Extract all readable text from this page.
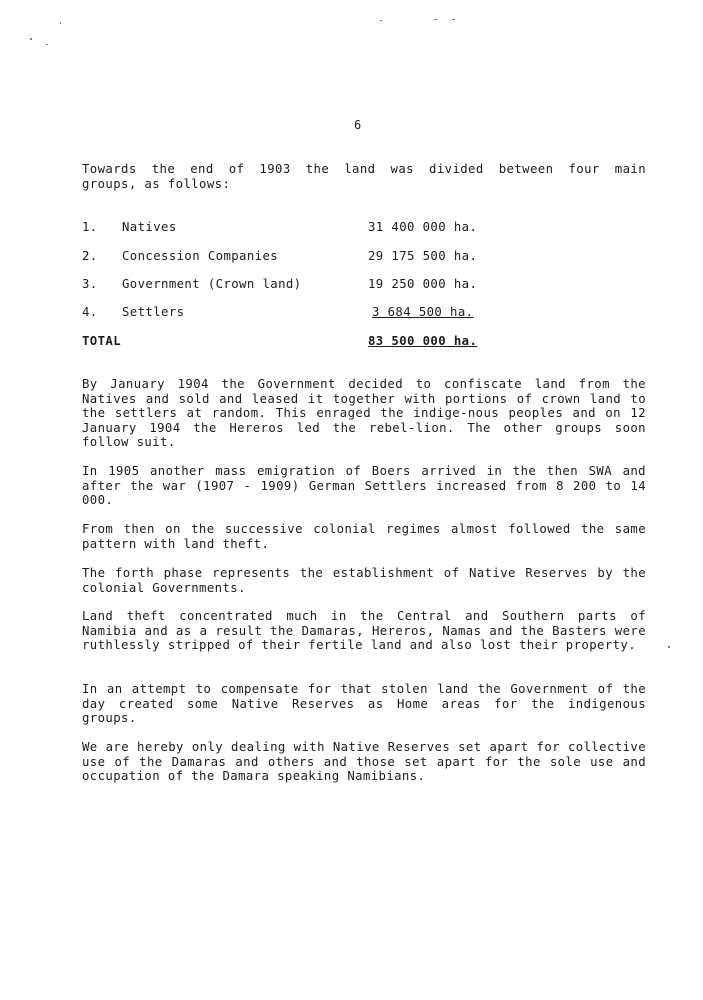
6
Towards the end of 1903 the land was divided between four main
groups, as follows:
1. Natives	31 400 000 ha.
2. Concession Companies	29 175 500 ha.
3. Government (Crown land)	19 250 000 ha.
4. Settlers	3 684 500 ha.
TOTAL	83 500 000 ha.
By January 1904 the Government decided to confiscate land from the Natives and sold and leased it together with portions of crown land to the settlers at random. This enraged the indige-nous peoples and on 12 January 1904 the Hereros led the rebel-lion. The other groups soon follow suit.
In 1905 another mass emigration of Boers arrived in the then SWA and after the war (1907 - 1909) German Settlers increased from 8 200 to 14 000.
From then on the successive colonial regimes almost followed the same pattern with land theft.
The forth phase represents the establishment of Native Reserves by the colonial Governments.
Land theft concentrated much in the Central and Southern parts of Namibia and as a result the Damaras, Hereros, Namas and the Basters were ruthlessly stripped of their fertile land and also lost their property.
In an attempt to compensate for that stolen land the Government of the day created some Native Reserves as Home areas for the indigenous groups.
We are hereby only dealing with Native Reserves set apart for collective use of the Damaras and others and those set apart for the sole use and occupation of the Damara speaking Namibians.
